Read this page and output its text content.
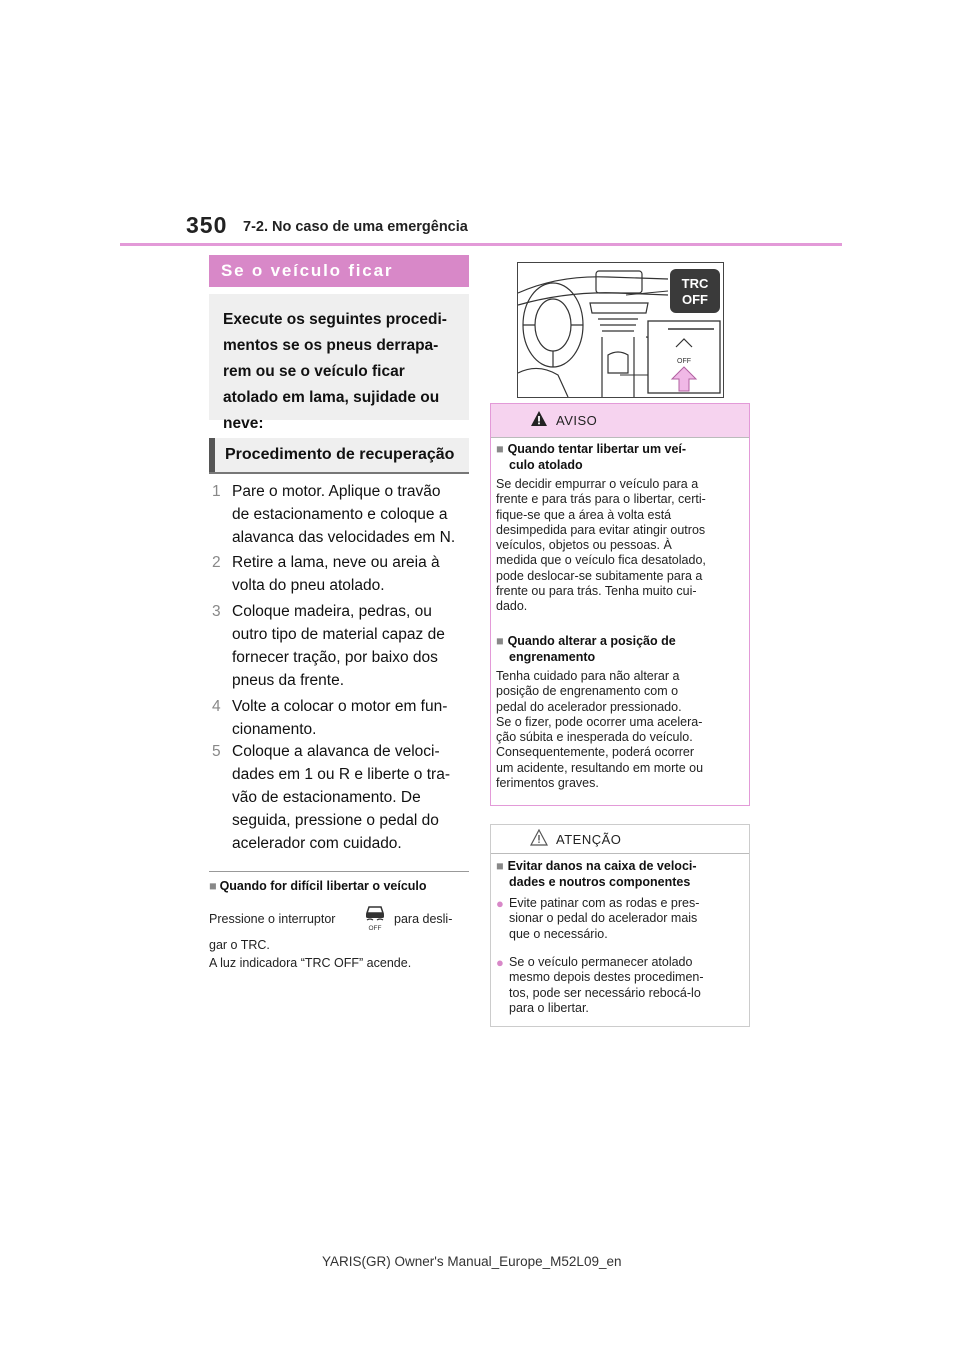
350 7-2. No caso de uma emergência
Se o veículo ficar
Execute os seguintes procedi-
mentos se os pneus derrapa-
rem ou se o veículo ficar
atolado em lama, sujidade ou
neve:
Procedimento de recuperação
1 Pare o motor. Aplique o travão
de estacionamento e coloque a
alavanca das velocidades em N.
2 Retire a lama, neve ou areia à
volta do pneu atolado.
3 Coloque madeira, pedras, ou
outro tipo de material capaz de
fornecer tração, por baixo dos
pneus da frente.
4 Volte a colocar o motor em fun-
cionamento.
5 Coloque a alavanca de veloci-
dades em 1 ou R e liberte o tra-
vão de estacionamento. De
seguida, pressione o pedal do
acelerador com cuidado.
■ Quando for difícil libertar o veículo
Pressione o interruptor
OFF
para desli-
gar o TRC.
A luz indicadora “TRC OFF” acende.
TRC
OFF
OFF
AVISO
■ Quando tentar libertar um veí-
culo atolado
Se decidir empurrar o veículo para a
frente e para trás para o libertar, certi-
fique-se que a área à volta está
desimpedida para evitar atingir outros
veículos, objetos ou pessoas. À
medida que o veículo fica desatolado,
pode deslocar-se subitamente para a
frente ou para trás. Tenha muito cui-
dado.
■ Quando alterar a posição de
engrenamento
Tenha cuidado para não alterar a
posição de engrenamento com o
pedal do acelerador pressionado.
Se o fizer, pode ocorrer uma acelera-
ção súbita e inesperada do veículo.
Consequentemente, poderá ocorrer
um acidente, resultando em morte ou
ferimentos graves.
ATENÇÃO
■ Evitar danos na caixa de veloci-
dades e noutros componentes
● Evite patinar com as rodas e pres-
sionar o pedal do acelerador mais
que o necessário.
● Se o veículo permanecer atolado
mesmo depois destes procedimen-
tos, pode ser necessário rebocá-lo
para o libertar.
YARIS(GR) Owner's Manual_Europe_M52L09_en
